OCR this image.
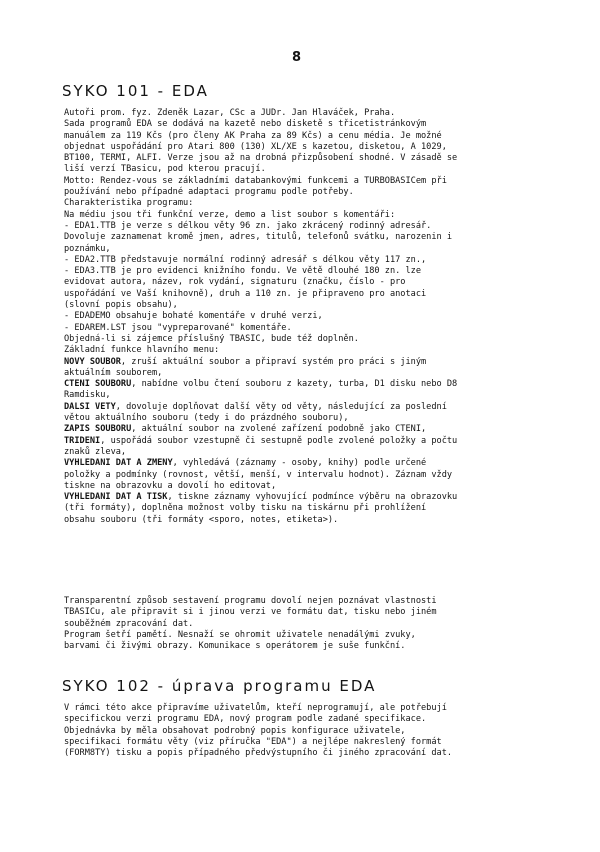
8
SYKO 101 - EDA
Autoři prom. fyz. Zdeněk Lazar, CSc a JUDr. Jan Hlaváček, Praha.
Sada programů EDA se dodává na kazetě nebo disketě s třicetistránkovým
manuálem za 119 Kčs (pro členy AK Praha za 89 Kčs) a cenu média. Je možné
objednat uspořádání pro Atari 800 (130) XL/XE s kazetou, disketou, A 1029,
BT100, TERMI, ALFI. Verze jsou až na drobná přizpůsobení shodné. V zásadě se
liší verzí TBasicu, pod kterou pracují.
Motto: Rendez-vous se základními databankovými funkcemi a TURBOBASICem při
používání nebo případné adaptaci programu podle potřeby.
Charakteristika programu:
Na médiu jsou tři funkční verze, demo a list soubor s komentáři:
- EDA1.TTB je verze s délkou věty 96 zn. jako zkrácený rodinný adresář.
Dovoluje zaznamenat kromě jmen, adres, titulů, telefonů svátku, narozenin i
poznámku,
- EDA2.TTB představuje normální rodinný adresář s délkou věty 117 zn.,
- EDA3.TTB je pro evidenci knižního fondu. Ve větě dlouhé 180 zn. lze
evidovat autora, název, rok vydání, signaturu (značku, číslo - pro
uspořádání ve Vaší knihovně), druh a 110 zn. je připraveno pro anotaci
(slovní popis obsahu),
- EDADEMO obsahuje bohaté komentáře v druhé verzi,
- EDAREM.LST jsou "vypreparované" komentáře.
Objedná-li si zájemce příslušný TBASIC, bude též doplněn.
Základní funkce hlavního menu:
NOVY SOUBOR, zruší aktuální soubor a připraví systém pro práci s jiným
aktuálním souborem,
CTENI SOUBORU, nabídne volbu čtení souboru z kazety, turba, D1 disku nebo D8
Ramdisku,
DALSI VETY, dovoluje doplňovat další věty od věty, následující za poslední
větou aktuálního souboru (tedy i do prázdného souboru),
ZAPIS SOUBORU, aktuální soubor na zvolené zařízení podobně jako CTENI,
TRIDENI, uspořádá soubor vzestupně či sestupně podle zvolené položky a počtu
znaků zleva,
VYHLEDANI DAT A ZMENY, vyhledává (záznamy - osoby, knihy) podle určené
položky a podmínky (rovnost, větší, menší, v intervalu hodnot). Záznam vždy
tiskne na obrazovku a dovolí ho editovat,
VYHLEDANI DAT A TISK, tiskne záznamy vyhovující podmínce výběru na obrazovku
(tři formáty), doplněna možnost volby tisku na tiskárnu při prohlížení
obsahu souboru (tři formáty <sporo, notes, etiketa>).
Transparentní způsob sestavení programu dovolí nejen poznávat vlastnosti
TBASICu, ale připravit si i jinou verzi ve formátu dat, tisku nebo jiném
souběžném zpracování dat.
Program šetří pamětí. Nesnaží se ohromit uživatele nenadálými zvuky,
barvami či živými obrazy. Komunikace s operátorem je suše funkční.
SYKO 102 - úprava programu EDA
V rámci této akce připravíme uživatelům, kteří neprogramují, ale potřebují
specifickou verzi programu EDA, nový program podle zadané specifikace.
Objednávka by měla obsahovat podrobný popis konfigurace uživatele,
specifikaci formátu věty (viz příručka "EDA") a nejlépe nakreslený formát
(FORM8TY) tisku a popis případného předvýstupního či jiného zpracování dat.
